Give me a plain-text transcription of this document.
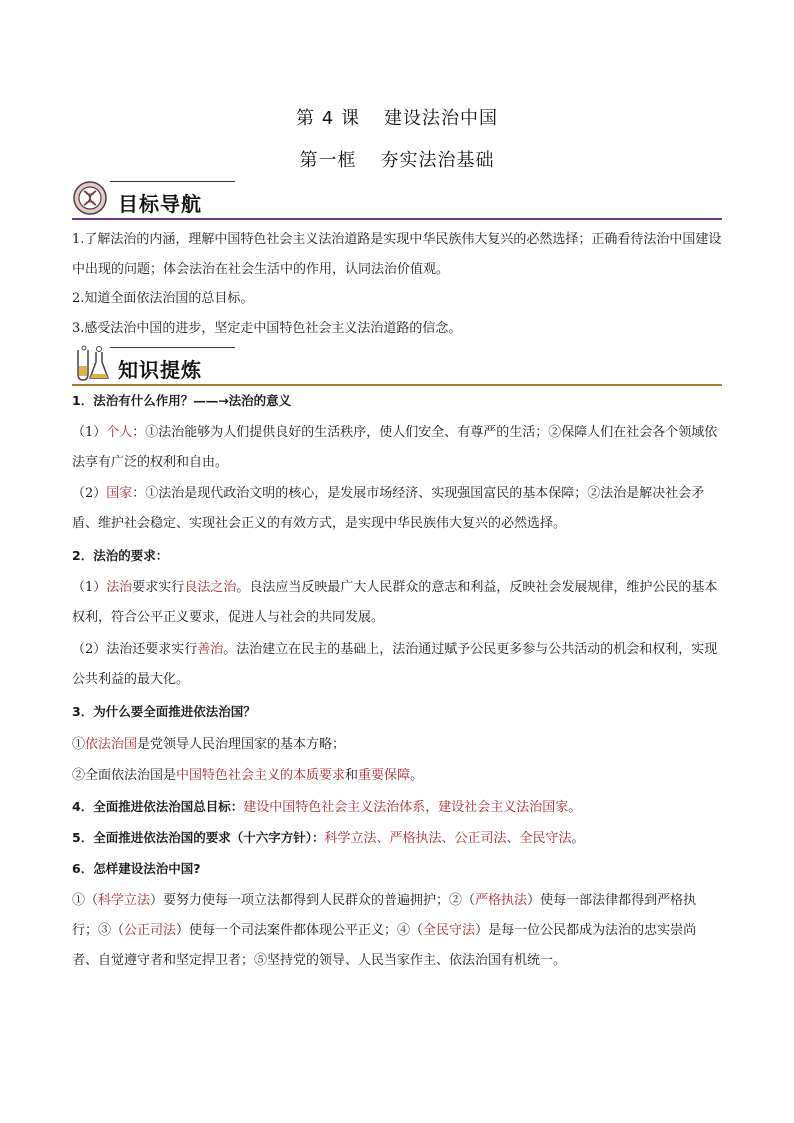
第 4 课 建设法治中国
第一框 夯实法治基础
目标导航
1.了解法治的内涵，理解中国特色社会主义法治道路是实现中华民族伟大复兴的必然选择；正确看待法治中国建设中出现的问题；体会法治在社会生活中的作用，认同法治价值观。
2.知道全面依法治国的总目标。
3.感受法治中国的进步，坚定走中国特色社会主义法治道路的信念。
知识提炼
1．法治有什么作用？——→法治的意义
（1）个人：①法治能够为人们提供良好的生活秩序，使人们安全、有尊严的生活；②保障人们在社会各个领域依法享有广泛的权利和自由。
（2）国家：①法治是现代政治文明的核心，是发展市场经济、实现强国富民的基本保障；②法治是解决社会矛盾、维护社会稳定、实现社会正义的有效方式，是实现中华民族伟大复兴的必然选择。
2．法治的要求：
（1）法治要求实行良法之治。良法应当反映最广大人民群众的意志和利益，反映社会发展规律，维护公民的基本权利，符合公平正义要求，促进人与社会的共同发展。
（2）法治还要求实行善治。法治建立在民主的基础上，法治通过赋予公民更多参与公共活动的机会和权利，实现公共利益的最大化。
3．为什么要全面推进依法治国？
①依法治国是党领导人民治理国家的基本方略；
②全面依法治国是中国特色社会主义的本质要求和重要保障。
4．全面推进依法治国总目标：建设中国特色社会主义法治体系，建设社会主义法治国家。
5．全面推进依法治国的要求（十六字方针）：科学立法、严格执法、公正司法、全民守法。
6．怎样建设法治中国?
①（科学立法）要努力使每一项立法都得到人民群众的普遍拥护；②（严格执法）使每一部法律都得到严格执行；③（公正司法）使每一个司法案件都体现公平正义；④（全民守法）是每一位公民都成为法治的忠实崇尚者、自觉遵守者和坚定捍卫者；⑤坚持党的领导、人民当家作主、依法治国有机统一。
